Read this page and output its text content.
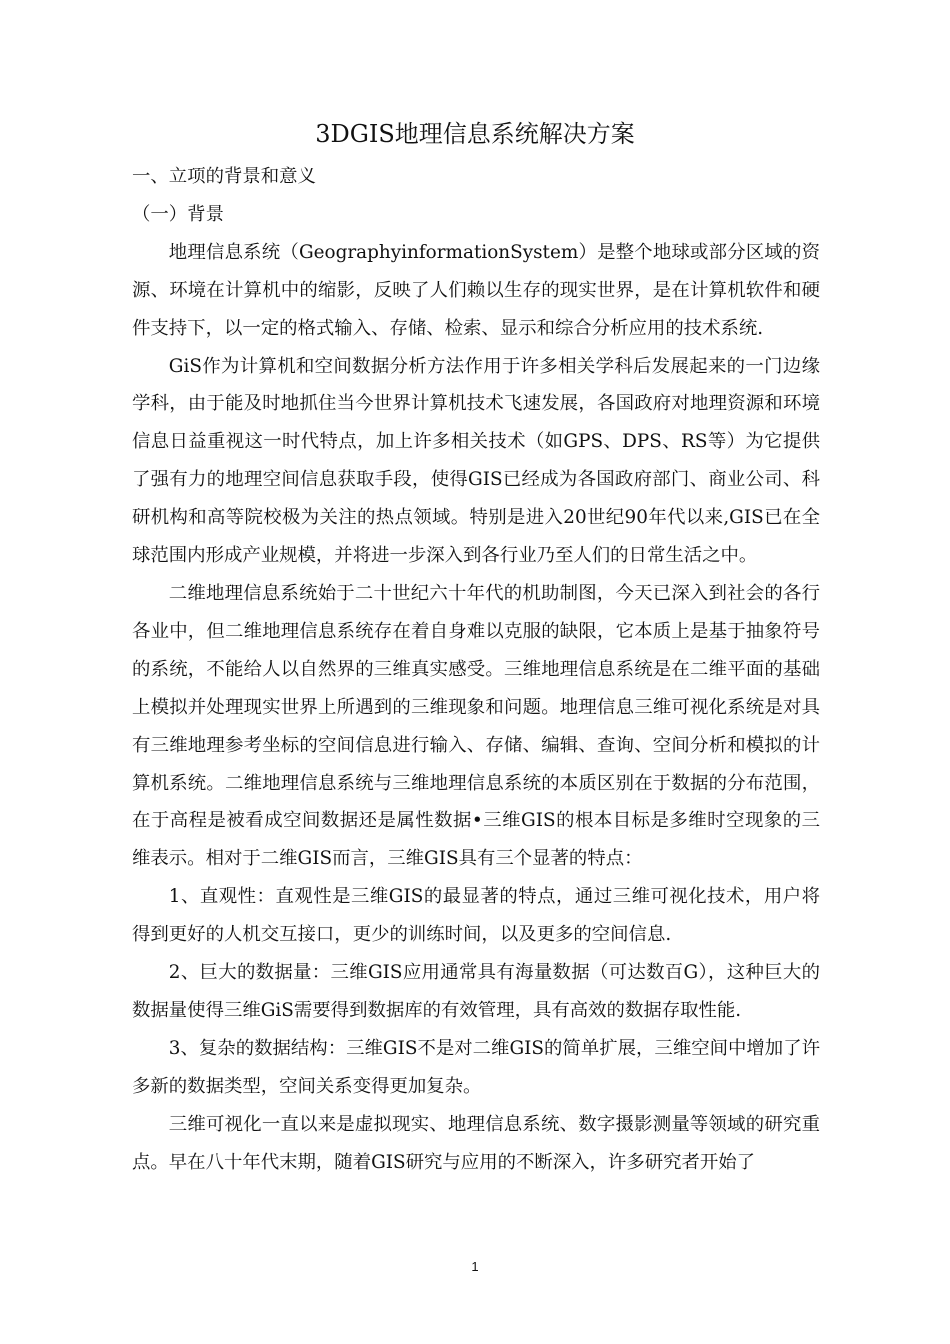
3DGIS地理信息系统解决方案

一、立项的背景和意义

（一）背景

地理信息系统（GeographyinformationSystem）是整个地球或部分区域的资源、环境在计算机中的缩影，反映了人们赖以生存的现实世界，是在计算机软件和硬件支持下，以一定的格式输入、存储、检索、显示和综合分析应用的技术系统.

GiS作为计算机和空间数据分析方法作用于许多相关学科后发展起来的一门边缘学科，由于能及时地抓住当今世界计算机技术飞速发展，各国政府对地理资源和环境信息日益重视这一时代特点，加上许多相关技术（如GPS、DPS、RS等）为它提供了强有力的地理空间信息获取手段，使得GIS已经成为各国政府部门、商业公司、科研机构和高等院校极为关注的热点领域。特别是进入20世纪90年代以来,GIS已在全球范围内形成产业规模，并将进一步深入到各行业乃至人们的日常生活之中。

二维地理信息系统始于二十世纪六十年代的机助制图，今天已深入到社会的各行各业中，但二维地理信息系统存在着自身难以克服的缺限，它本质上是基于抽象符号的系统，不能给人以自然界的三维真实感受。三维地理信息系统是在二维平面的基础上模拟并处理现实世界上所遇到的三维现象和问题。地理信息三维可视化系统是对具有三维地理参考坐标的空间信息进行输入、存储、编辑、查询、空间分析和模拟的计算机系统。二维地理信息系统与三维地理信息系统的本质区别在于数据的分布范围，在于高程是被看成空间数据还是属性数据•三维GIS的根本目标是多维时空现象的三维表示。相对于二维GIS而言，三维GIS具有三个显著的特点：

1、直观性：直观性是三维GIS的最显著的特点，通过三维可视化技术，用户将得到更好的人机交互接口，更少的训练时间，以及更多的空间信息.

2、巨大的数据量：三维GIS应用通常具有海量数据（可达数百G），这种巨大的数据量使得三维GiS需要得到数据库的有效管理，具有高效的数据存取性能.

3、复杂的数据结构：三维GIS不是对二维GIS的简单扩展，三维空间中增加了许多新的数据类型，空间关系变得更加复杂。

三维可视化一直以来是虚拟现实、地理信息系统、数字摄影测量等领域的研究重点。早在八十年代末期，随着GIS研究与应用的不断深入，许多研究者开始了

1
